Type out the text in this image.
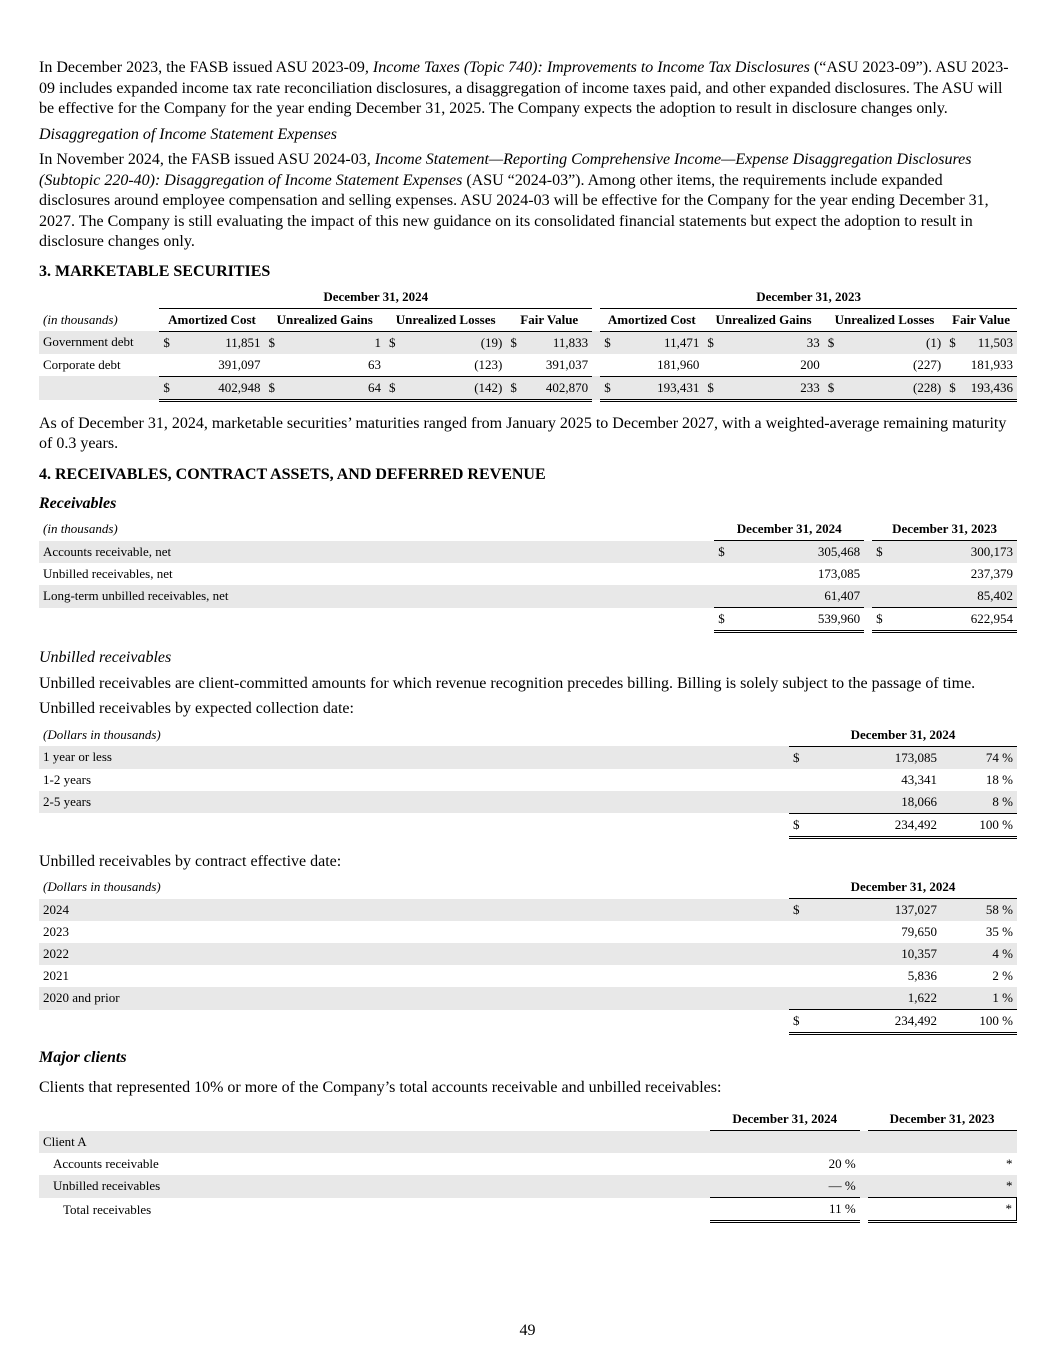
In December 2023, the FASB issued ASU 2023-09, Income Taxes (Topic 740): Improvements to Income Tax Disclosures (“ASU 2023-09”). ASU 2023-09 includes expanded income tax rate reconciliation disclosures, a disaggregation of income taxes paid, and other expanded disclosures. The ASU will be effective for the Company for the year ending December 31, 2025. The Company expects the adoption to result in disclosure changes only.

Disaggregation of Income Statement Expenses

In November 2024, the FASB issued ASU 2024-03, Income Statement—Reporting Comprehensive Income—Expense Disaggregation Disclosures (Subtopic 220-40): Disaggregation of Income Statement Expenses (ASU “2024-03”). Among other items, the requirements include expanded disclosures around employee compensation and selling expenses. ASU 2024-03 will be effective for the Company for the year ending December 31, 2027. The Company is still evaluating the impact of this new guidance on its consolidated financial statements but expect the adoption to result in disclosure changes only.

3. MARKETABLE SECURITIES

	December 31, 2024									December 31, 2023							
(in thousands)	Amortized Cost		Unrealized Gains		Unrealized Losses		Fair Value			Amortized Cost		Unrealized Gains		Unrealized Losses		Fair Value	
Government debt	$	11,851	$	1	$	(19)	$	11,833		$	11,471	$	33	$	(1)	$	11,503
Corporate debt		391,097		63		(123)		391,037			181,960		200		(227)		181,933
	$	402,948	$	64	$	(142)	$	402,870		$	193,431	$	233	$	(228)	$	193,436

As of December 31, 2024, marketable securities’ maturities ranged from January 2025 to December 2027, with a weighted-average remaining maturity of 0.3 years.

4. RECEIVABLES, CONTRACT ASSETS, AND DEFERRED REVENUE

Receivables

(in thousands)	December 31, 2024			December 31, 2023	
Accounts receivable, net	$	305,468		$	300,173
Unbilled receivables, net		173,085			237,379
Long-term unbilled receivables, net		61,407			85,402
	$	539,960		$	622,954

Unbilled receivables

Unbilled receivables are client-committed amounts for which revenue recognition precedes billing. Billing is solely subject to the passage of time.

Unbilled receivables by expected collection date:

(Dollars in thousands)	December 31, 2024		
1 year or less	$	173,085	74 %
1-2 years		43,341	18 %
2-5 years		18,066	8 %
	$	234,492	100 %

Unbilled receivables by contract effective date:

(Dollars in thousands)	December 31, 2024		
2024	$	137,027	58 %
2023		79,650	35 %
2022		10,357	4 %
2021		5,836	2 %
2020 and prior		1,622	1 %
	$	234,492	100 %

Major clients

Clients that represented 10% or more of the Company’s total accounts receivable and unbilled receivables:

	December 31, 2024		December 31, 2023
Client A			
Accounts receivable	20 %		*
Unbilled receivables	— %		*
Total receivables	11 %		*
49
